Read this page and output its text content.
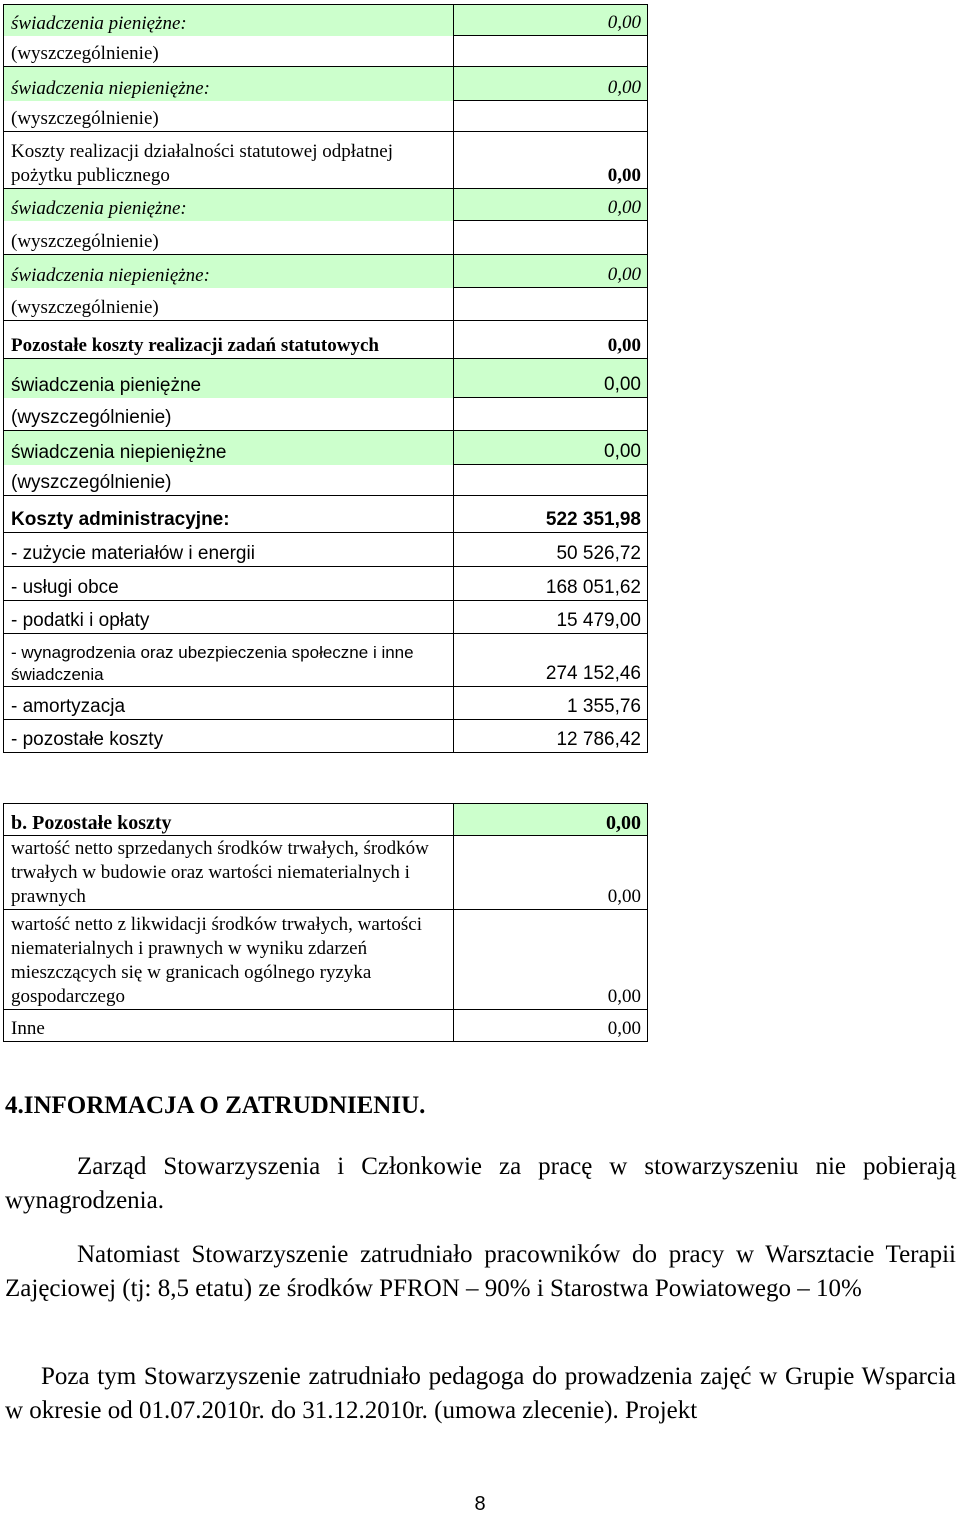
świadczenia pieniężne:	0,00
(wyszczególnienie)	
świadczenia niepieniężne:	0,00
(wyszczególnienie)	
Koszty realizacji działalności statutowej odpłatnej pożytku publicznego	0,00
świadczenia pieniężne:	0,00
(wyszczególnienie)	
świadczenia niepieniężne:	0,00
(wyszczególnienie)	
Pozostałe koszty realizacji zadań statutowych	0,00
świadczenia pieniężne	0,00
(wyszczególnienie)	
świadczenia niepieniężne	0,00
(wyszczególnienie)	
Koszty administracyjne:	522 351,98
- zużycie materiałów i energii	50 526,72
- usługi obce	168 051,62
- podatki i opłaty	15 479,00
- wynagrodzenia oraz ubezpieczenia społeczne i inne świadczenia	274 152,46
- amortyzacja	1 355,76
- pozostałe koszty	12 786,42
b. Pozostałe koszty	0,00
wartość netto sprzedanych środków trwałych, środków trwałych w budowie oraz wartości niematerialnych i prawnych	0,00
wartość netto z likwidacji środków trwałych, wartości niematerialnych i prawnych w wyniku zdarzeń mieszczących się w granicach ogólnego ryzyka gospodarczego	0,00
Inne	0,00
4.INFORMACJA O ZATRUDNIENIU.

Zarząd Stowarzyszenia i Członkowie za pracę w stowarzyszeniu nie pobierają wynagrodzenia.

Natomiast Stowarzyszenie zatrudniało pracowników do pracy w Warsztacie Terapii Zajęciowej (tj: 8,5 etatu) ze środków PFRON – 90% i Starostwa Powiatowego – 10%

Poza tym Stowarzyszenie zatrudniało pedagoga do prowadzenia zajęć w Grupie Wsparcia w okresie od 01.07.2010r. do 31.12.2010r. (umowa zlecenie). Projekt

8
